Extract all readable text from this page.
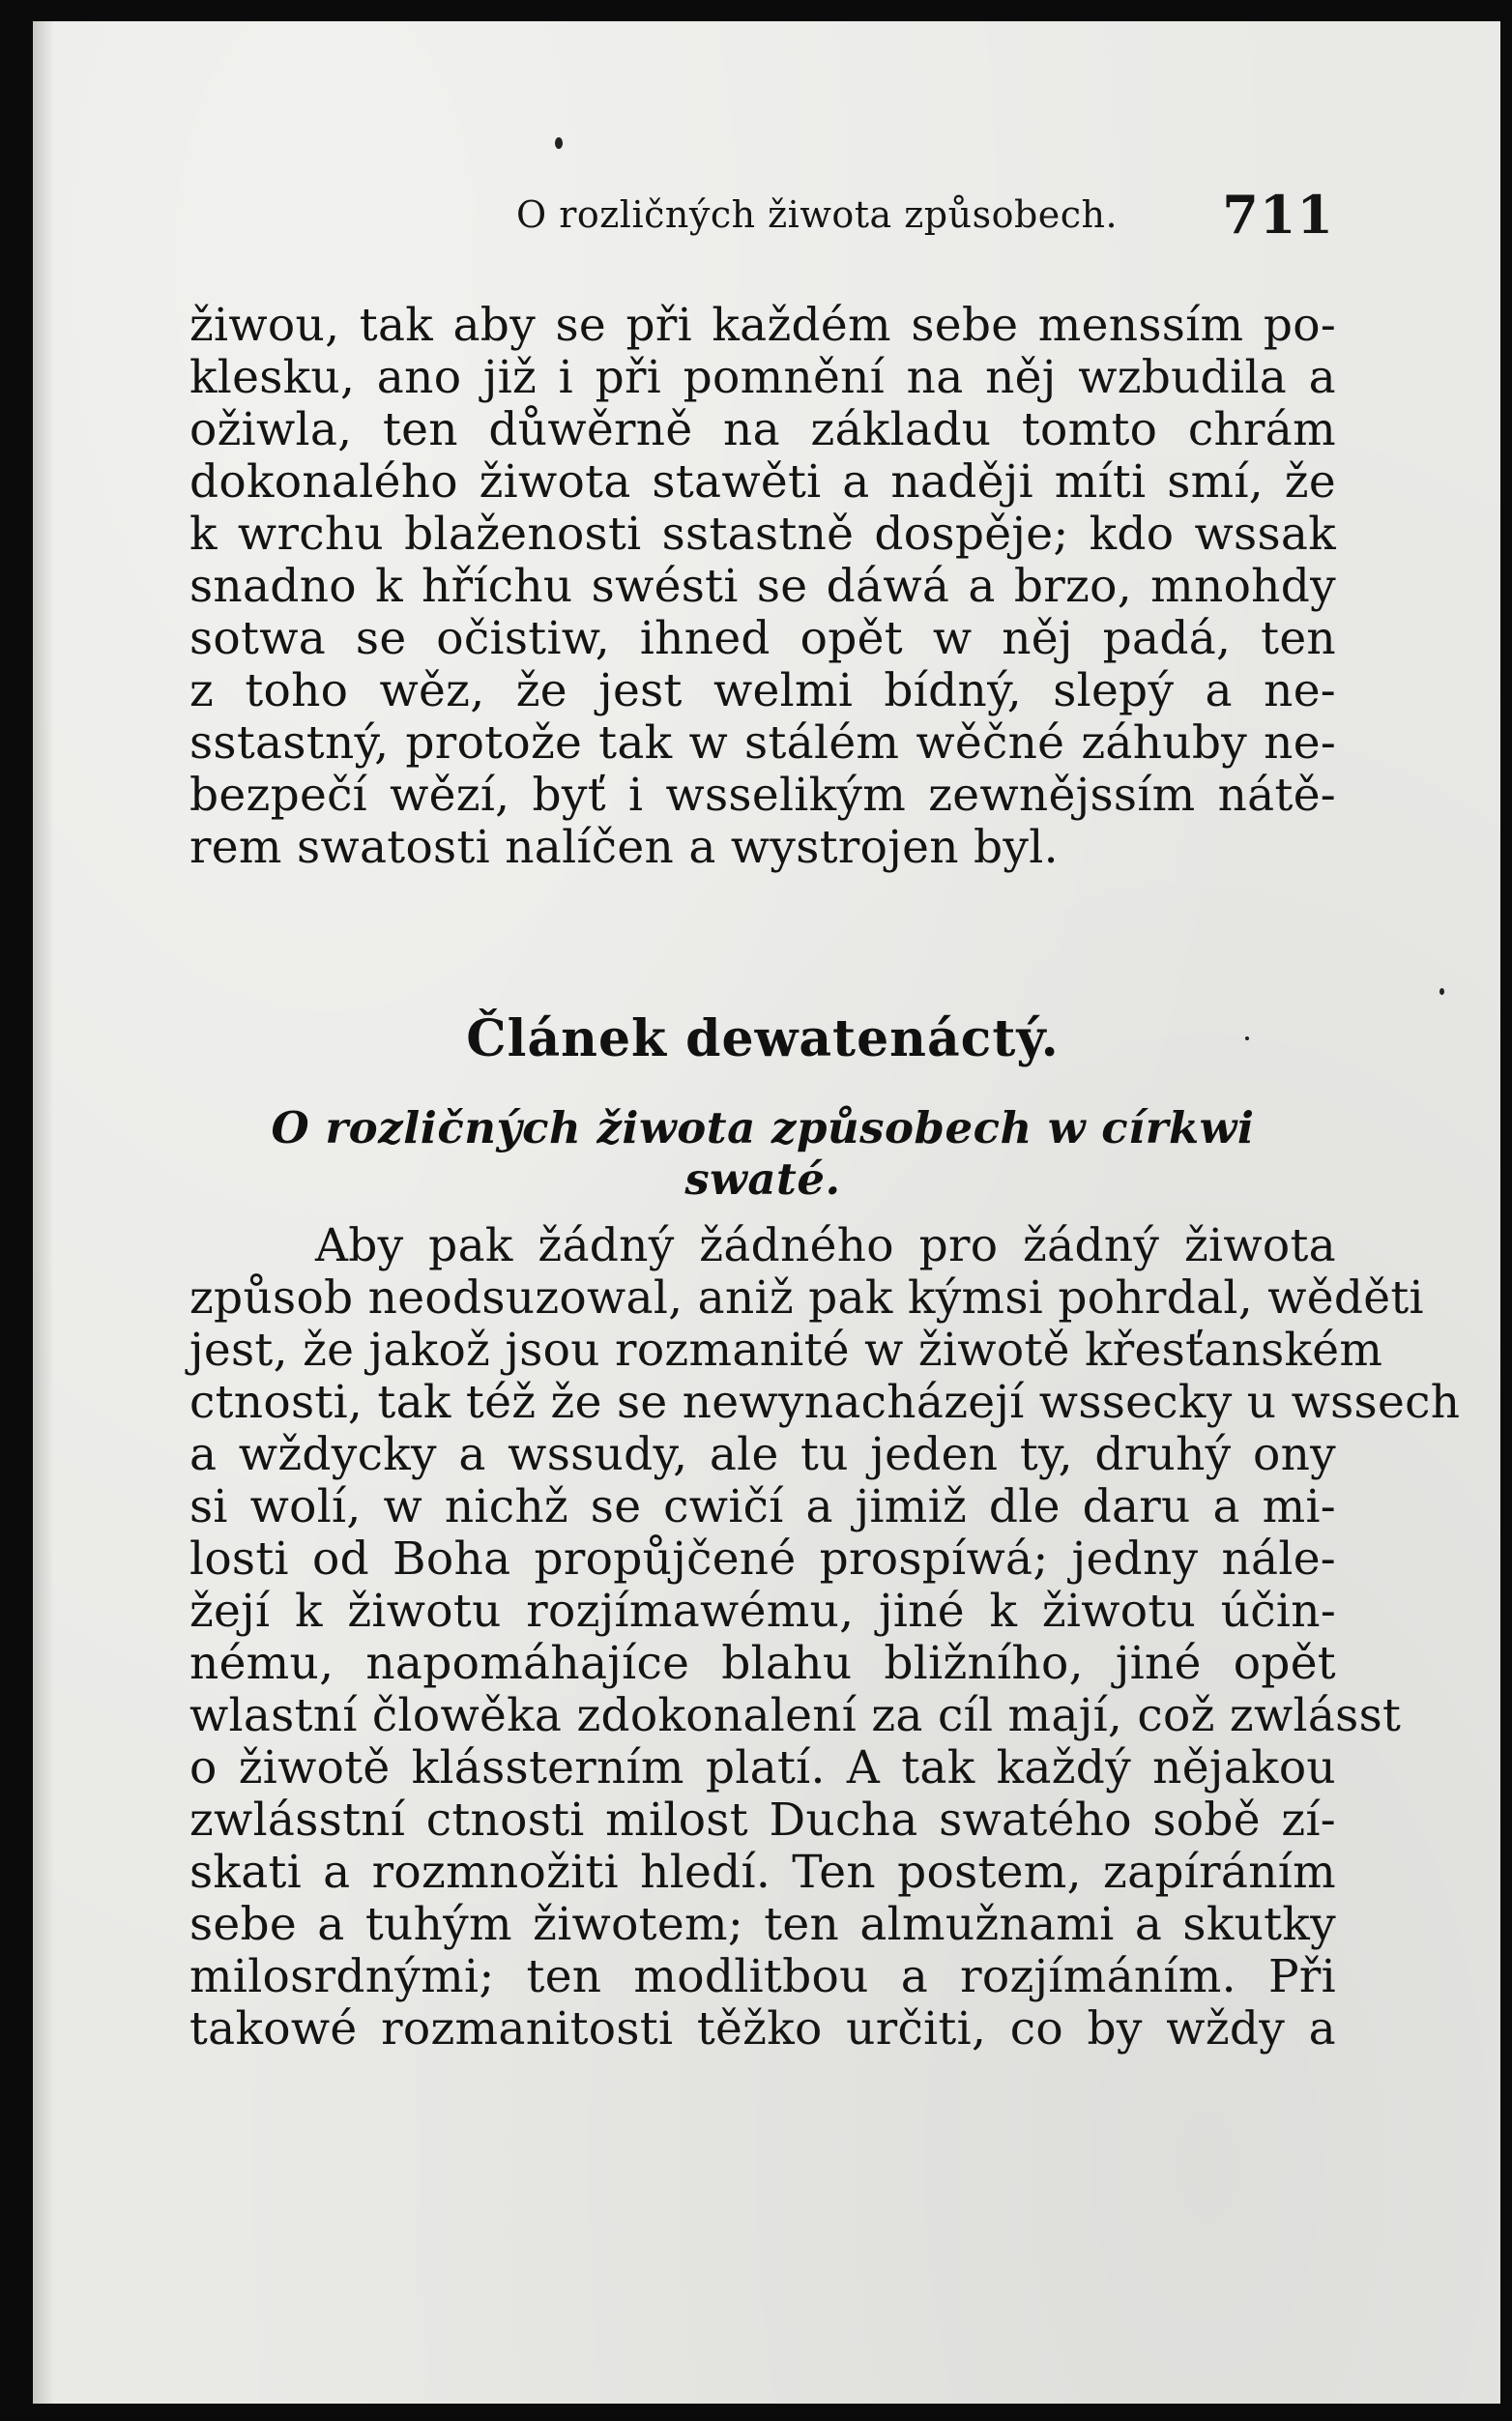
O rozličných žiwota způsobech. 711
žiwou, tak aby se při každém sebe menssím po-
klesku, ano již i při pomnění na něj wzbudila a
ožiwla, ten důwěrně na základu tomto chrám
dokonalého žiwota stawěti a naději míti smí, že
k wrchu blaženosti sstastně dospěje; kdo wssak
snadno k hříchu swésti se dáwá a brzo, mnohdy
sotwa se očistiw, ihned opět w něj padá, ten
z toho wěz, že jest welmi bídný, slepý a ne-
sstastný, protože tak w stálém wěčné záhuby ne-
bezpečí wězí, byť i wsselikým zewnějssím nátě-
rem swatosti nalíčen a wystrojen byl.
Článek dewatenáctý.
O rozličných žiwota způsobech w církwi swaté.
Aby pak žádný žádného pro žádný žiwota
způsob neodsuzowal, aniž pak kýmsi pohrdal, wěděti
jest, že jakož jsou rozmanité w žiwotě křesťanském
ctnosti, tak též že se newynacházejí wssecky u wssech
a wždycky a wssudy, ale tu jeden ty, druhý ony
si wolí, w nichž se cwičí a jimiž dle daru a mi-
losti od Boha propůjčené prospíwá; jedny nále-
žejí k žiwotu rozjímawému, jiné k žiwotu účin-
nému, napomáhajíce blahu bližního, jiné opět
wlastní člowěka zdokonalení za cíl mají, což zwlásst
o žiwotě klássterním platí. A tak každý nějakou
zwlásstní ctnosti milost Ducha swatého sobě zí-
skati a rozmnožiti hledí. Ten postem, zapíráním
sebe a tuhým žiwotem; ten almužnami a skutky
milosrdnými; ten modlitbou a rozjímáním. Při
takowé rozmanitosti těžko určiti, co by wždy a
